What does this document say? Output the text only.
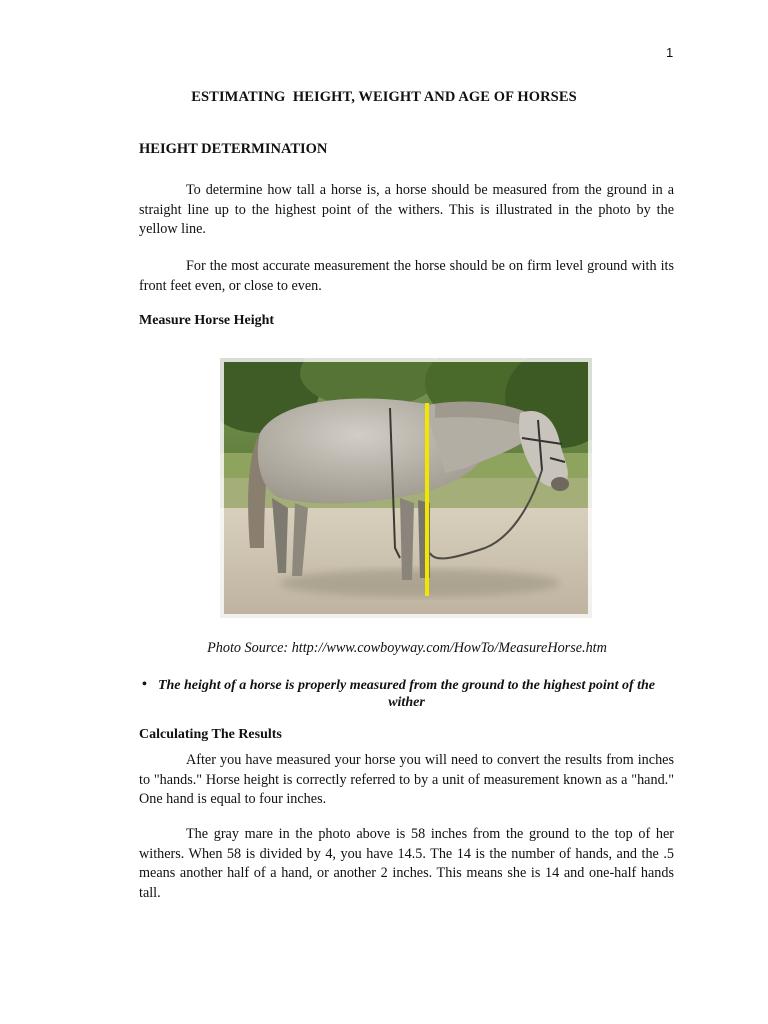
1
ESTIMATING  HEIGHT, WEIGHT AND AGE OF HORSES
HEIGHT DETERMINATION

To determine how tall a horse is, a horse should be measured from the ground in a straight line up to the highest point of the withers. This is illustrated in the photo by the yellow line.

For the most accurate measurement the horse should be on firm level ground with its front feet even, or close to even.

Measure Horse Height
Photo Source: http://www.cowboyway.com/HowTo/MeasureHorse.htm
• The height of a horse is properly measured from the ground to the highest point of the wither
Calculating The Results

After you have measured your horse you will need to convert the results from inches to "hands." Horse height is correctly referred to by a unit of measurement known as a "hand." One hand is equal to four inches.

The gray mare in the photo above is 58 inches from the ground to the top of her withers. When 58 is divided by 4, you have 14.5. The 14 is the number of hands, and the .5 means another half of a hand, or another 2 inches. This means she is 14 and one-half hands tall.
